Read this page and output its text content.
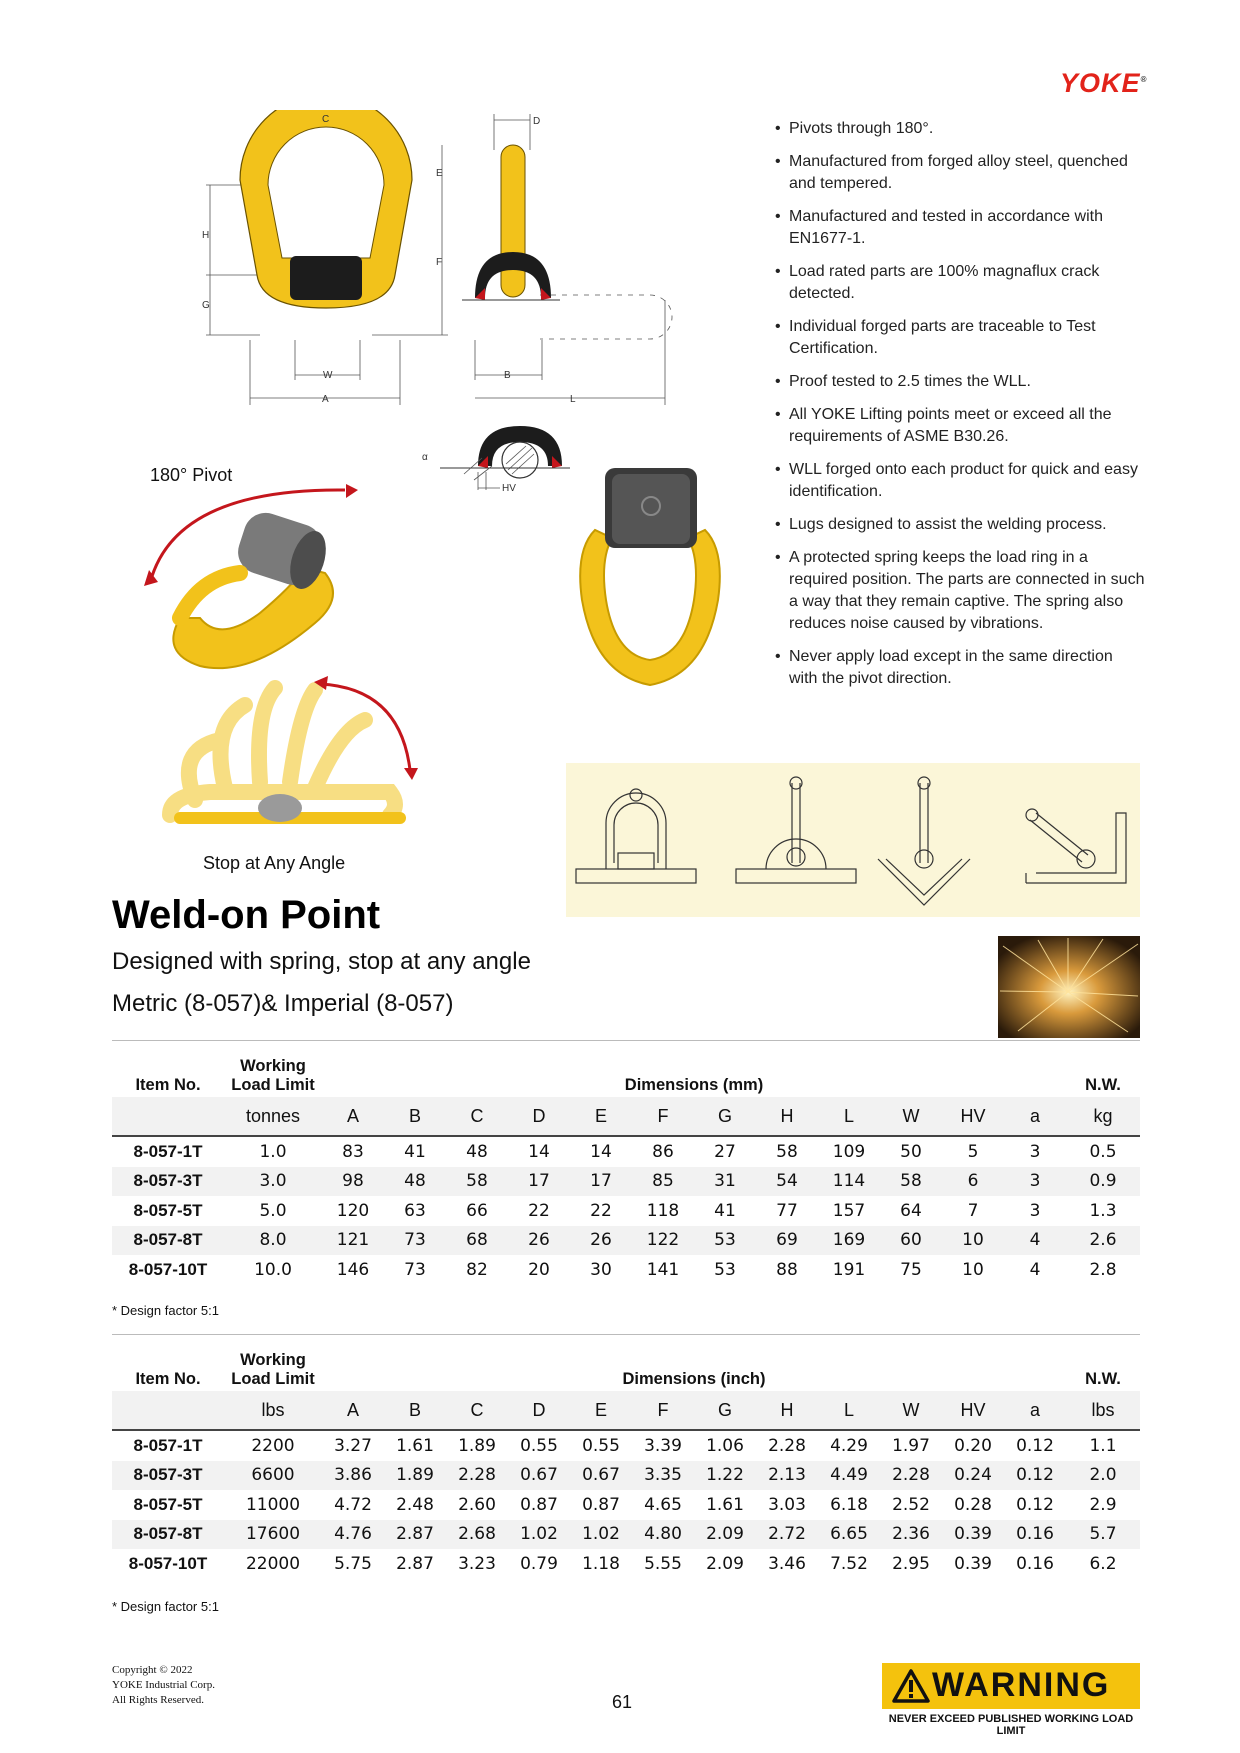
YOKE®
C
E
H
F
G
W
A
D
B
L
α
HV
180° Pivot
Stop at Any Angle
• Pivots through 180°.
• Manufactured from forged alloy steel, quenched and tempered.
• Manufactured and tested in accordance with EN1677-1.
• Load rated parts are 100% magnaflux crack detected.
• Individual forged parts are traceable to Test Certification.
• Proof tested to 2.5 times the WLL.
• All YOKE Lifting points meet or exceed all the requirements of ASME B30.26.
• WLL forged onto each product for quick and easy identification.
• Lugs designed to assist the welding process.
• A protected spring keeps the load ring in a required position. The parts are connected in such a way that they remain captive. The spring also reduces noise caused by vibrations.
• Never apply load except in the same direction with the pivot direction.
Weld-on Point
Designed with spring, stop at any angle
Metric (8-057)& Imperial (8-057)
Item No.	Working Load Limit	Dimensions (mm)												N.W.
	tonnes	A	B	C	D	E	F	G	H	L	W	HV	a	kg
8-057-1T	1.0	83	41	48	14	14	86	27	58	109	50	5	3	0.5
8-057-3T	3.0	98	48	58	17	17	85	31	54	114	58	6	3	0.9
8-057-5T	5.0	120	63	66	22	22	118	41	77	157	64	7	3	1.3
8-057-8T	8.0	121	73	68	26	26	122	53	69	169	60	10	4	2.6
8-057-10T	10.0	146	73	82	20	30	141	53	88	191	75	10	4	2.8
* Design factor 5:1
Item No.	Working Load Limit	Dimensions (inch)												N.W.
	lbs	A	B	C	D	E	F	G	H	L	W	HV	a	lbs
8-057-1T	2200	3.27	1.61	1.89	0.55	0.55	3.39	1.06	2.28	4.29	1.97	0.20	0.12	1.1
8-057-3T	6600	3.86	1.89	2.28	0.67	0.67	3.35	1.22	2.13	4.49	2.28	0.24	0.12	2.0
8-057-5T	11000	4.72	2.48	2.60	0.87	0.87	4.65	1.61	3.03	6.18	2.52	0.28	0.12	2.9
8-057-8T	17600	4.76	2.87	2.68	1.02	1.02	4.80	2.09	2.72	6.65	2.36	0.39	0.16	5.7
8-057-10T	22000	5.75	2.87	3.23	0.79	1.18	5.55	2.09	3.46	7.52	2.95	0.39	0.16	6.2
* Design factor 5:1
Copyright © 2022
YOKE Industrial Corp.
All Rights Reserved.	61	WARNING
NEVER EXCEED PUBLISHED WORKING LOAD LIMIT
